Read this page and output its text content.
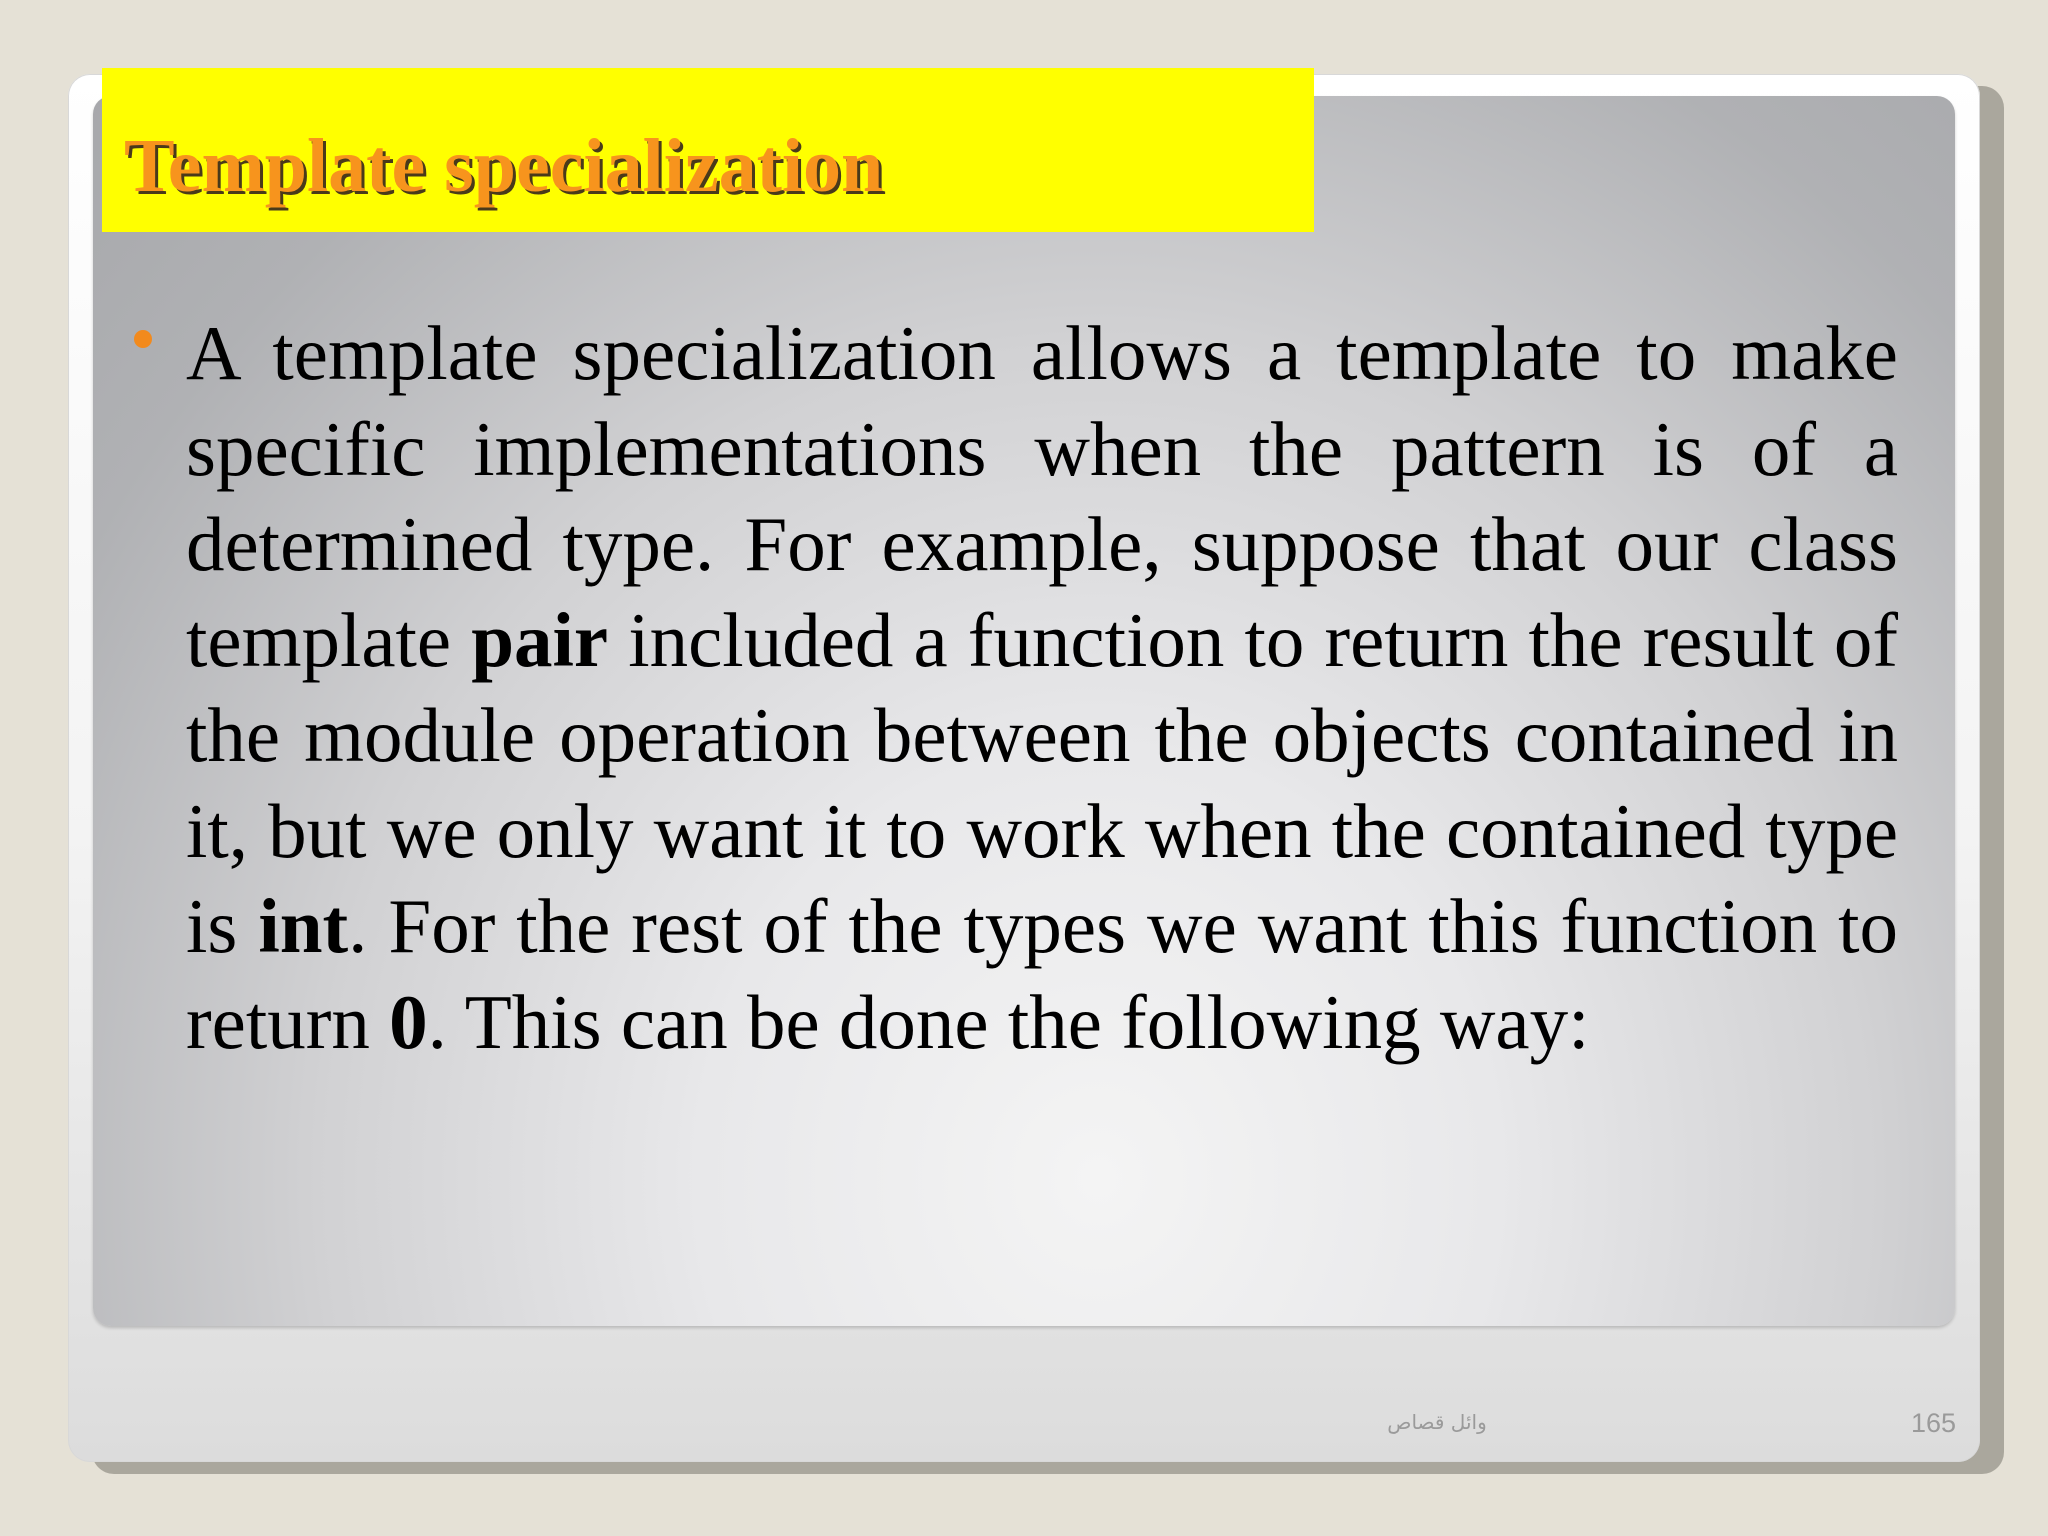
Template specialization

A template specialization allows a template to make specific implementations when the pattern is of a determined type. For example, suppose that our class template pair included a function to return the result of the module operation between the objects contained in it, but we only want it to work when the contained type is int. For the rest of the types we want this function to return 0. This can be done the following way:

وائل قصاص	165
